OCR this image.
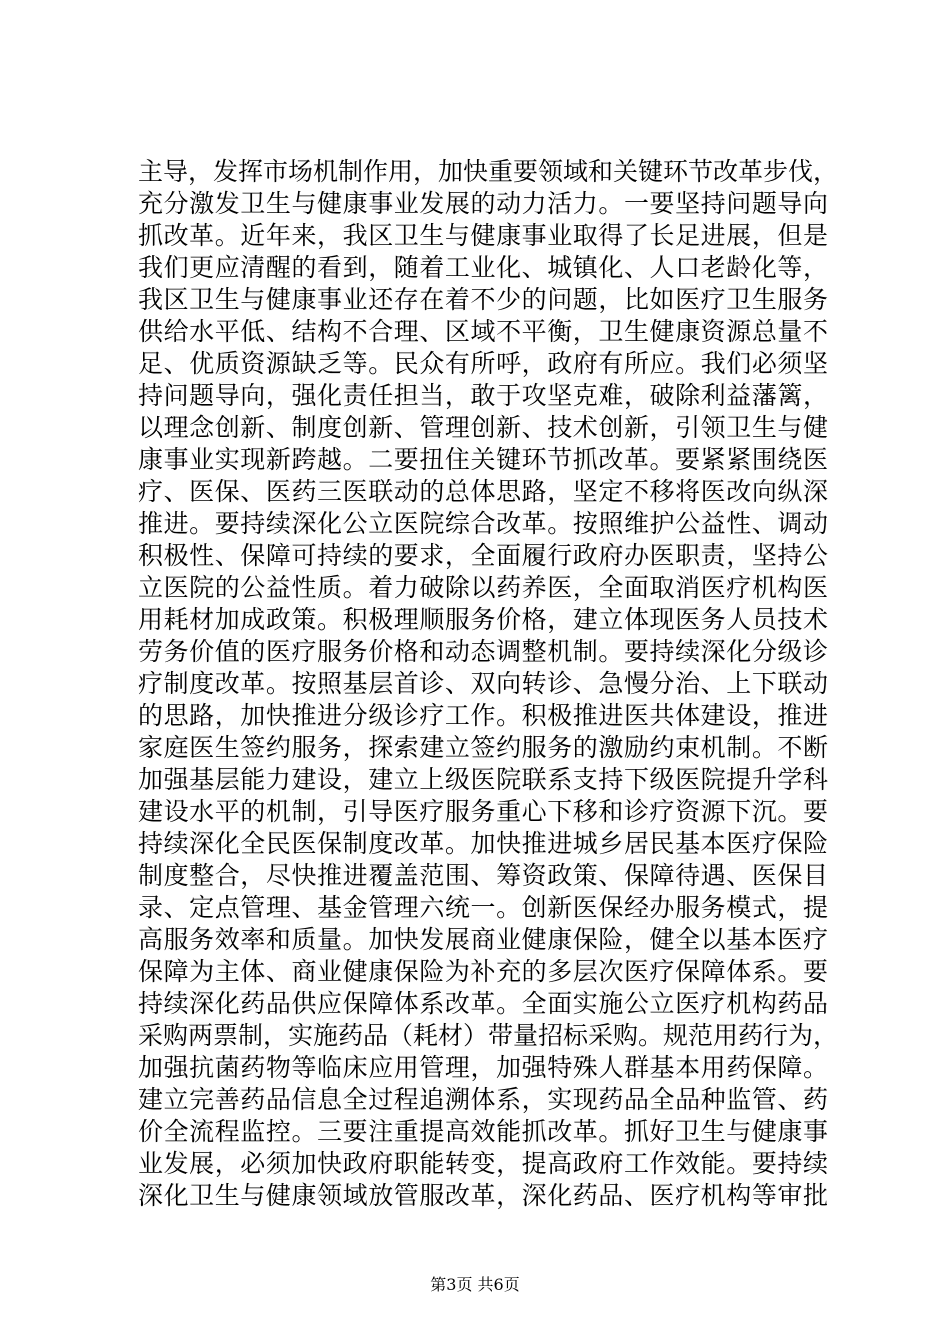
主导，发挥市场机制作用，加快重要领域和关键环节改革步伐，
充分激发卫生与健康事业发展的动力活力。一要坚持问题导向
抓改革。近年来，我区卫生与健康事业取得了长足进展，但是
我们更应清醒的看到，随着工业化、城镇化、人口老龄化等，
我区卫生与健康事业还存在着不少的问题，比如医疗卫生服务
供给水平低、结构不合理、区域不平衡，卫生健康资源总量不
足、优质资源缺乏等。民众有所呼，政府有所应。我们必须坚
持问题导向，强化责任担当，敢于攻坚克难，破除利益藩篱，
以理念创新、制度创新、管理创新、技术创新，引领卫生与健
康事业实现新跨越。二要扭住关键环节抓改革。要紧紧围绕医
疗、医保、医药三医联动的总体思路，坚定不移将医改向纵深
推进。要持续深化公立医院综合改革。按照维护公益性、调动
积极性、保障可持续的要求，全面履行政府办医职责，坚持公
立医院的公益性质。着力破除以药养医，全面取消医疗机构医
用耗材加成政策。积极理顺服务价格，建立体现医务人员技术
劳务价值的医疗服务价格和动态调整机制。要持续深化分级诊
疗制度改革。按照基层首诊、双向转诊、急慢分治、上下联动
的思路，加快推进分级诊疗工作。积极推进医共体建设，推进
家庭医生签约服务，探索建立签约服务的激励约束机制。不断
加强基层能力建设，建立上级医院联系支持下级医院提升学科
建设水平的机制，引导医疗服务重心下移和诊疗资源下沉。要
持续深化全民医保制度改革。加快推进城乡居民基本医疗保险
制度整合，尽快推进覆盖范围、筹资政策、保障待遇、医保目
录、定点管理、基金管理六统一。创新医保经办服务模式，提
高服务效率和质量。加快发展商业健康保险，健全以基本医疗
保障为主体、商业健康保险为补充的多层次医疗保障体系。要
持续深化药品供应保障体系改革。全面实施公立医疗机构药品
采购两票制，实施药品（耗材）带量招标采购。规范用药行为，
加强抗菌药物等临床应用管理，加强特殊人群基本用药保障。
建立完善药品信息全过程追溯体系，实现药品全品种监管、药
价全流程监控。三要注重提高效能抓改革。抓好卫生与健康事
业发展，必须加快政府职能转变，提高政府工作效能。要持续
深化卫生与健康领域放管服改革，深化药品、医疗机构等审批
第3页 共6页
